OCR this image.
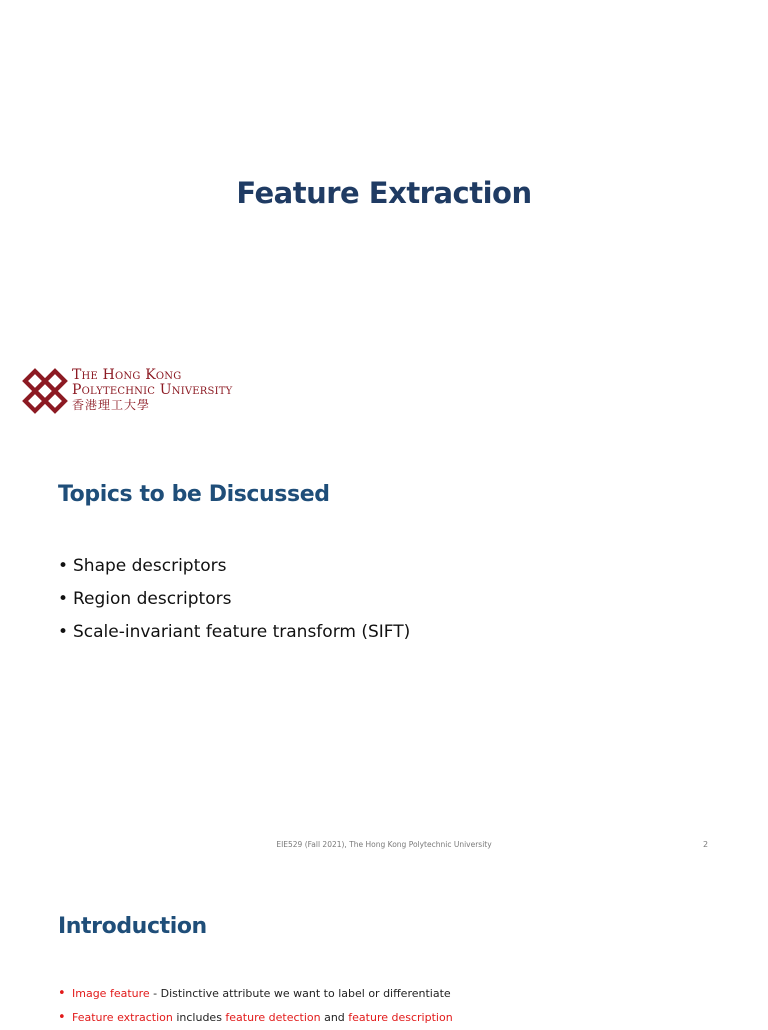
Feature Extraction
The Hong Kong
Polytechnic University
香港理工大學
Topics to be Discussed
• Shape descriptors
• Region descriptors
• Scale-invariant feature transform (SIFT)
EIE529 (Fall 2021), The Hong Kong Polytechnic University	2
Introduction
• Image feature - Distinctive attribute we want to label or differentiate
• Feature extraction includes feature detection and feature description
